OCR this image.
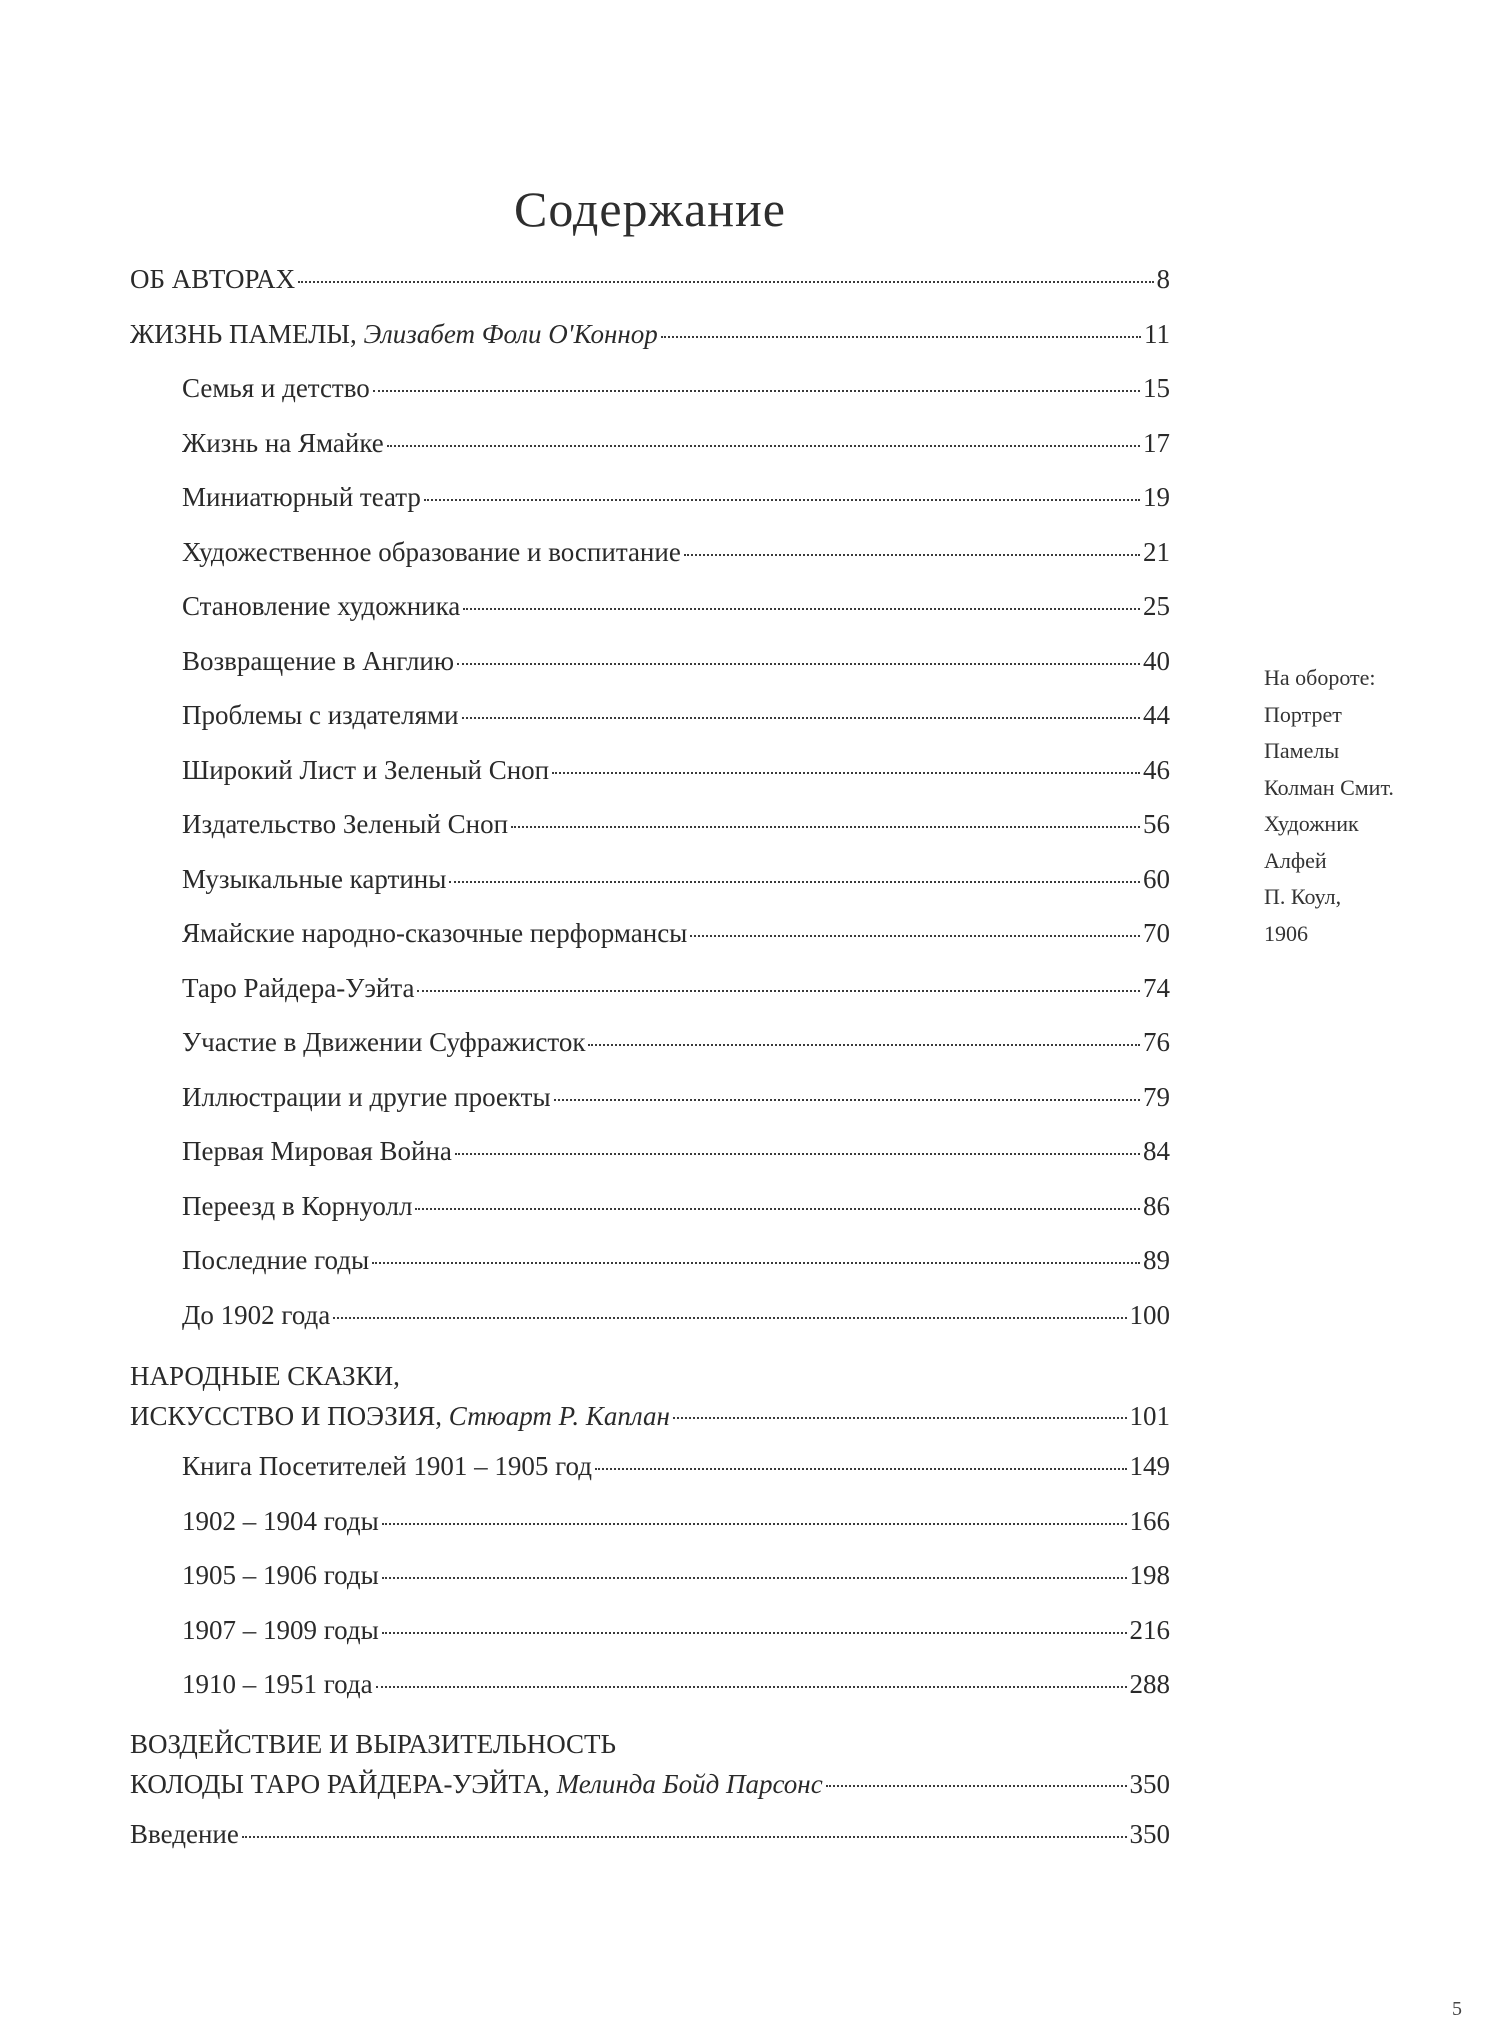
Содержание
ОБ АВТОРАХ	8
ЖИЗНЬ ПАМЕЛЫ, Элизабет Фоли О'Коннор	11
Семья и детство	15
Жизнь на Ямайке	17
Миниатюрный театр	19
Художественное образование и воспитание	21
Становление художника	25
Возвращение в Англию	40
Проблемы с издателями	44
Широкий Лист и Зеленый Сноп	46
Издательство Зеленый Сноп	56
Музыкальные картины	60
Ямайские народно-сказочные перформансы	70
Таро Райдера-Уэйта	74
Участие в Движении Суфражисток	76
Иллюстрации и другие проекты	79
Первая Мировая Война	84
Переезд в Корнуолл	86
Последние годы	89
До 1902 года	100
НАРОДНЫЕ СКАЗКИ,
ИСКУССТВО И ПОЭЗИЯ, Стюарт Р. Каплан	101
Книга Посетителей 1901 – 1905 год	149
1902 – 1904 годы	166
1905 – 1906 годы	198
1907 – 1909 годы	216
1910 – 1951 года	288
ВОЗДЕЙСТВИЕ И ВЫРАЗИТЕЛЬНОСТЬ
КОЛОДЫ ТАРО РАЙДЕРА-УЭЙТА, Мелинда Бойд Парсонс	350
Введение	350
На обороте:
Портрет
Памелы
Колман Смит.
Художник
Алфей
П. Коул,
1906
5
